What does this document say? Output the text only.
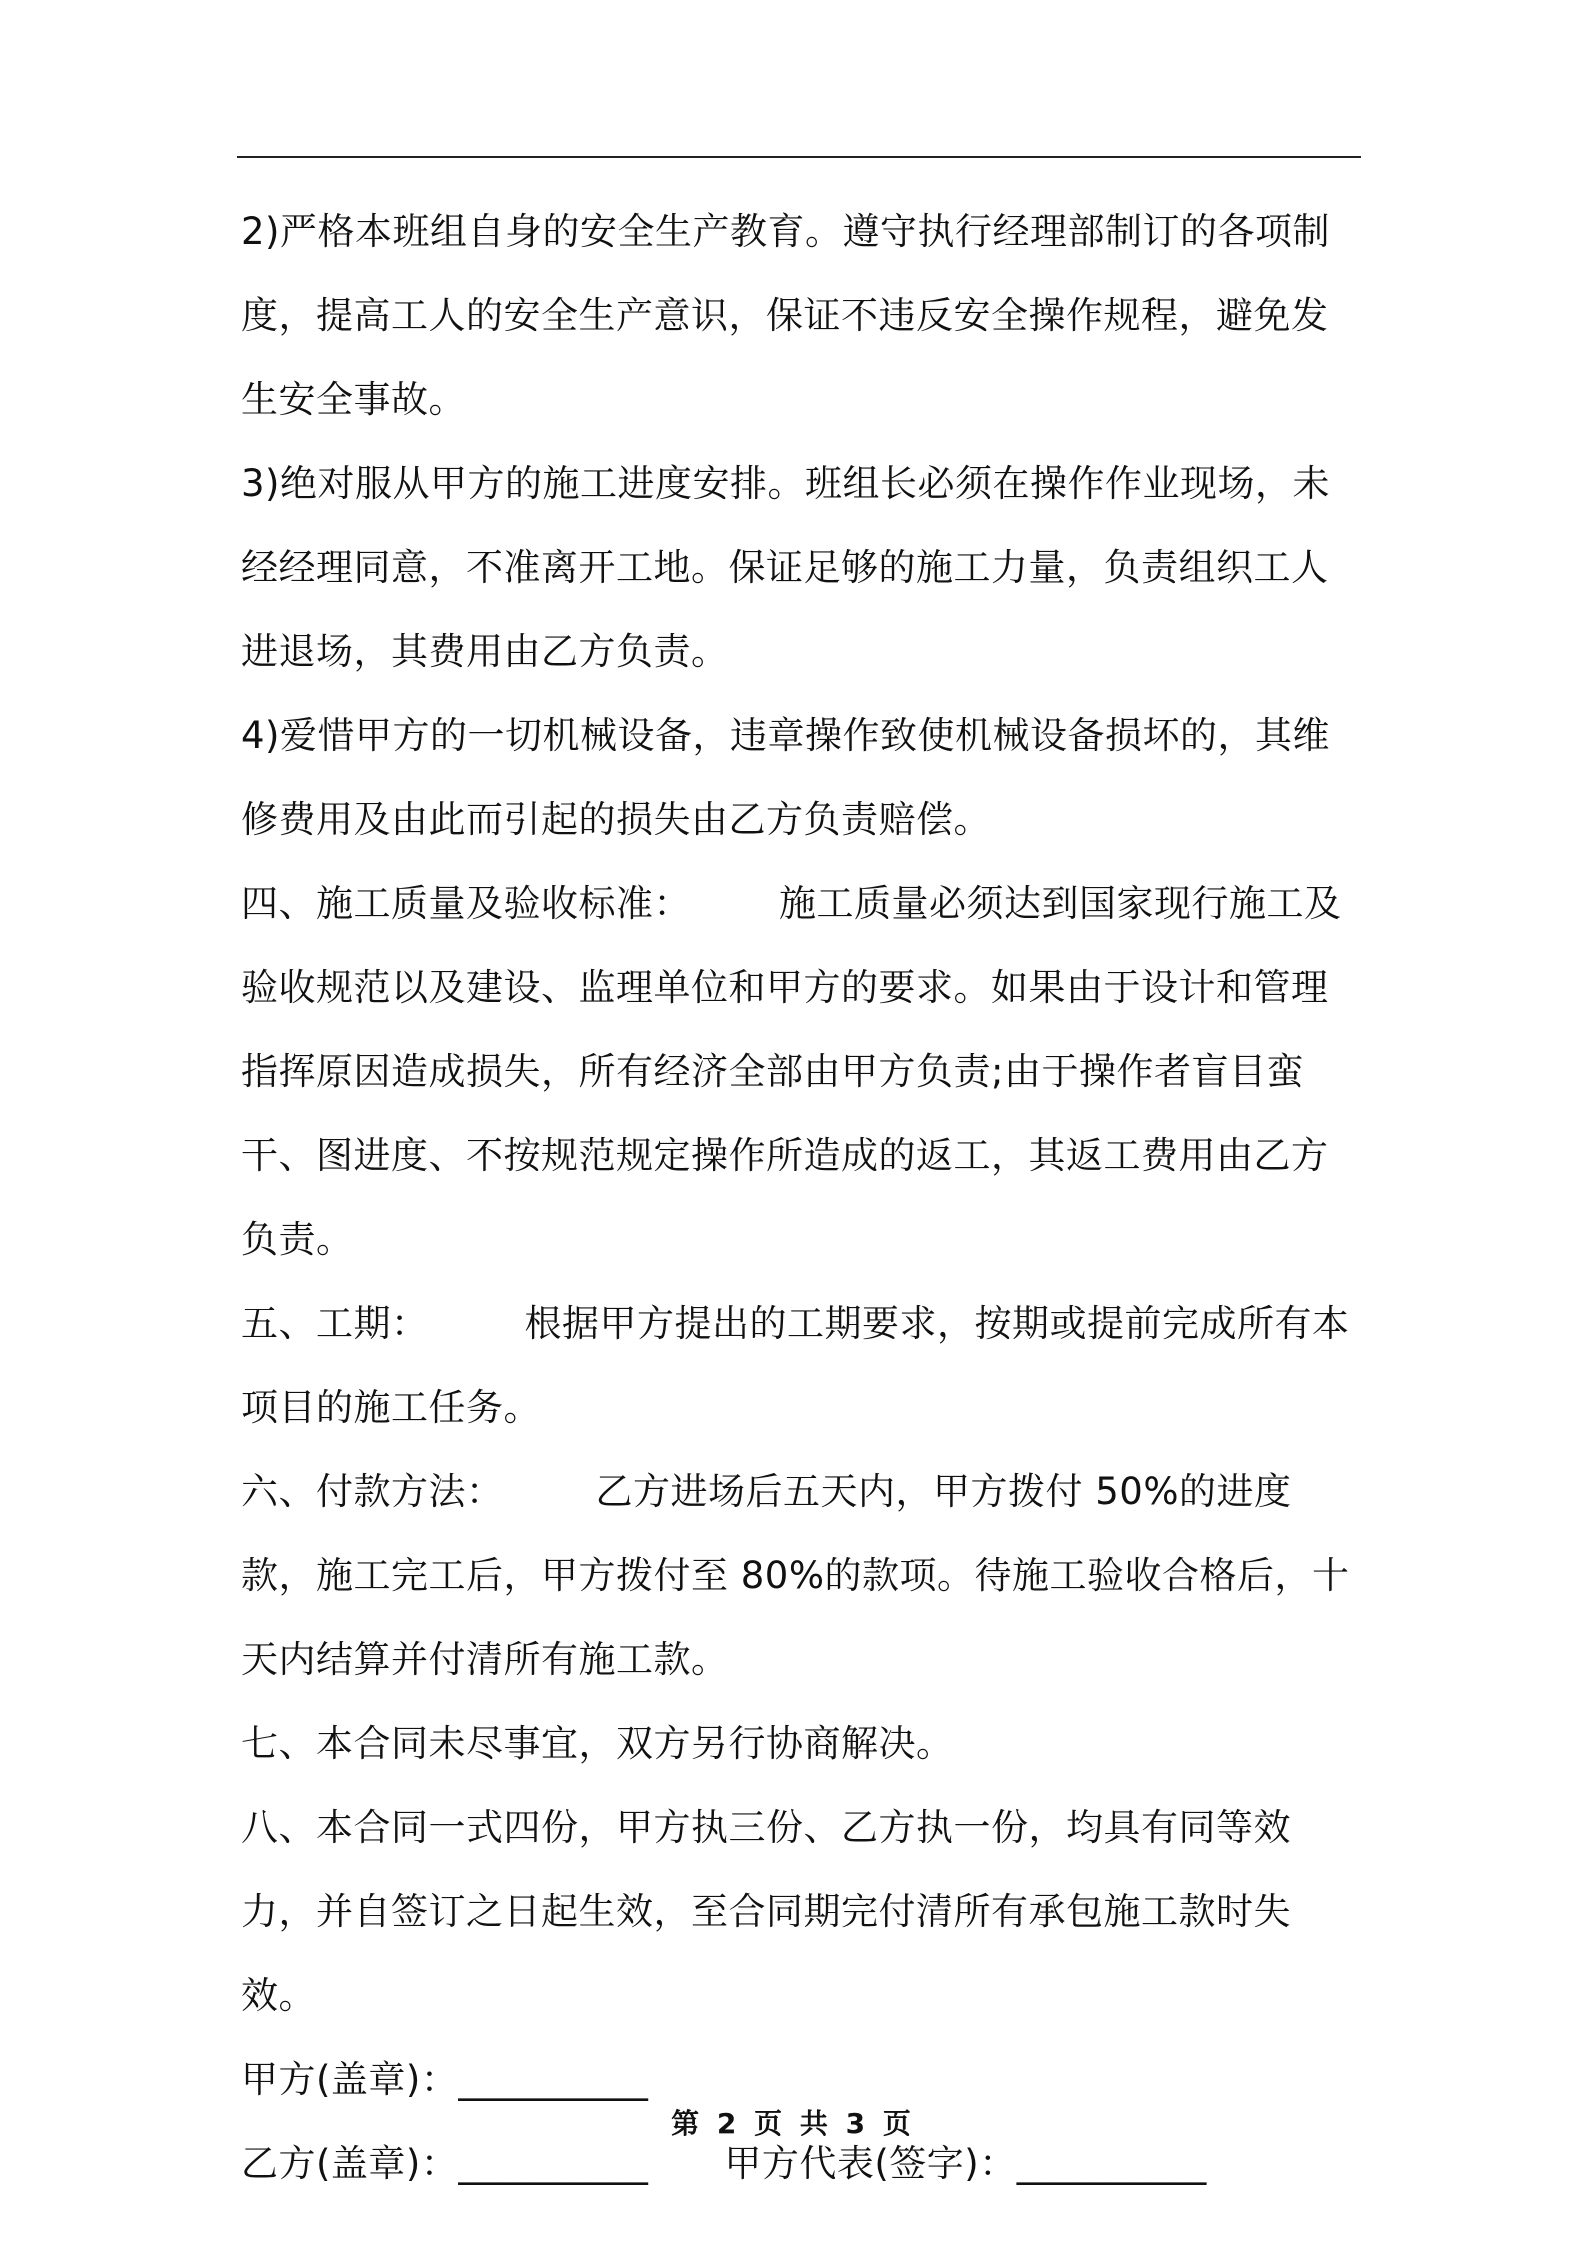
2)严格本班组自身的安全生产教育。遵守执行经理部制订的各项制度，提高工人的安全生产意识，保证不违反安全操作规程，避免发生安全事故。

3)绝对服从甲方的施工进度安排。班组长必须在操作作业现场，未经经理同意，不准离开工地。保证足够的施工力量，负责组织工人进退场，其费用由乙方负责。

4)爱惜甲方的一切机械设备，违章操作致使机械设备损坏的，其维修费用及由此而引起的损失由乙方负责赔偿。

四、施工质量及验收标准： 施工质量必须达到国家现行施工及验收规范以及建设、监理单位和甲方的要求。如果由于设计和管理指挥原因造成损失，所有经济全部由甲方负责;由于操作者盲目蛮干、图进度、不按规范规定操作所造成的返工，其返工费用由乙方负责。

五、工期：	根据甲方提出的工期要求，按期或提前完成所有本项目的施工任务。

六、付款方法： 乙方进场后五天内，甲方拨付 50%的进度款，施工完工后，甲方拨付至 80%的款项。待施工验收合格后，十天内结算并付清所有施工款。

七、本合同未尽事宜，双方另行协商解决。

八、本合同一式四份，甲方执三份、乙方执一份，均具有同等效力，并自签订之日起生效，至合同期完付清所有承包施工款时失效。

甲方(盖章)：__________
乙方(盖章)：__________ 甲方代表(签字)：__________
第 2 页 共 3 页
